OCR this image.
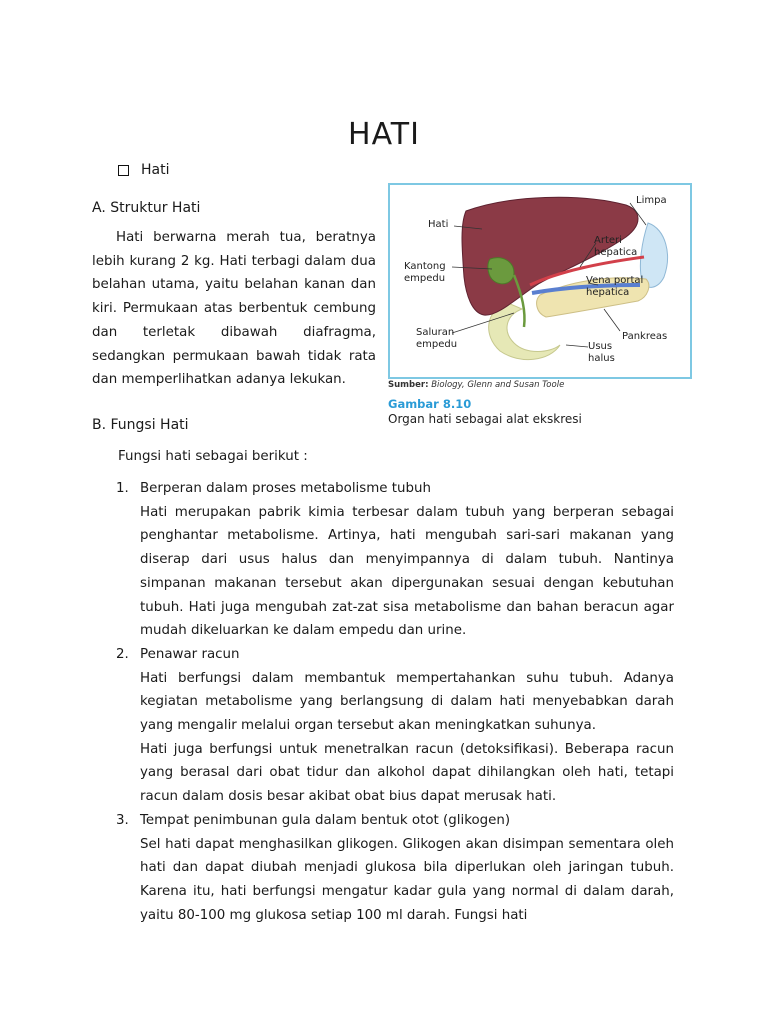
HATI
Hati
A. Struktur Hati

Hati berwarna merah tua, beratnya lebih kurang 2 kg. Hati terbagi dalam dua belahan utama, yaitu belahan kanan dan kiri. Permukaan atas berbentuk cembung dan terletak dibawah diafragma, sedangkan permukaan bawah tidak rata dan memperlihatkan adanya lekukan.

B. Fungsi Hati
Fungsi hati sebagai berikut :
Hati
Limpa
Arteri hepatica
Kantong empedu	Vena portal hepatica
Pankreas
Saluran empedu	Usus halus
Sumber: Biology, Glenn and Susan Toole
Gambar 8.10
Organ hati sebagai alat ekskresi
1. Berperan dalam proses metabolisme tubuh

Hati merupakan pabrik kimia terbesar dalam tubuh yang berperan sebagai penghantar metabolisme. Artinya, hati mengubah sari-sari makanan yang diserap dari usus halus dan menyimpannya di dalam tubuh. Nantinya simpanan makanan tersebut akan dipergunakan sesuai dengan kebutuhan tubuh. Hati juga mengubah zat-zat sisa metabolisme dan bahan beracun agar mudah dikeluarkan ke dalam empedu dan urine.

2. Penawar racun

Hati berfungsi dalam membantuk mempertahankan suhu tubuh. Adanya kegiatan metabolisme yang berlangsung di dalam hati menyebabkan darah yang mengalir melalui organ tersebut akan meningkatkan suhunya.

Hati juga berfungsi untuk menetralkan racun (detoksifikasi). Beberapa racun yang berasal dari obat tidur dan alkohol dapat dihilangkan oleh hati, tetapi racun dalam dosis besar akibat obat bius dapat merusak hati.

3. Tempat penimbunan gula dalam bentuk otot (glikogen)

Sel hati dapat menghasilkan glikogen. Glikogen akan disimpan sementara oleh hati dan dapat diubah menjadi glukosa bila diperlukan oleh jaringan tubuh. Karena itu, hati berfungsi mengatur kadar gula yang normal di dalam darah, yaitu 80-100 mg glukosa setiap 100 ml darah. Fungsi hati
